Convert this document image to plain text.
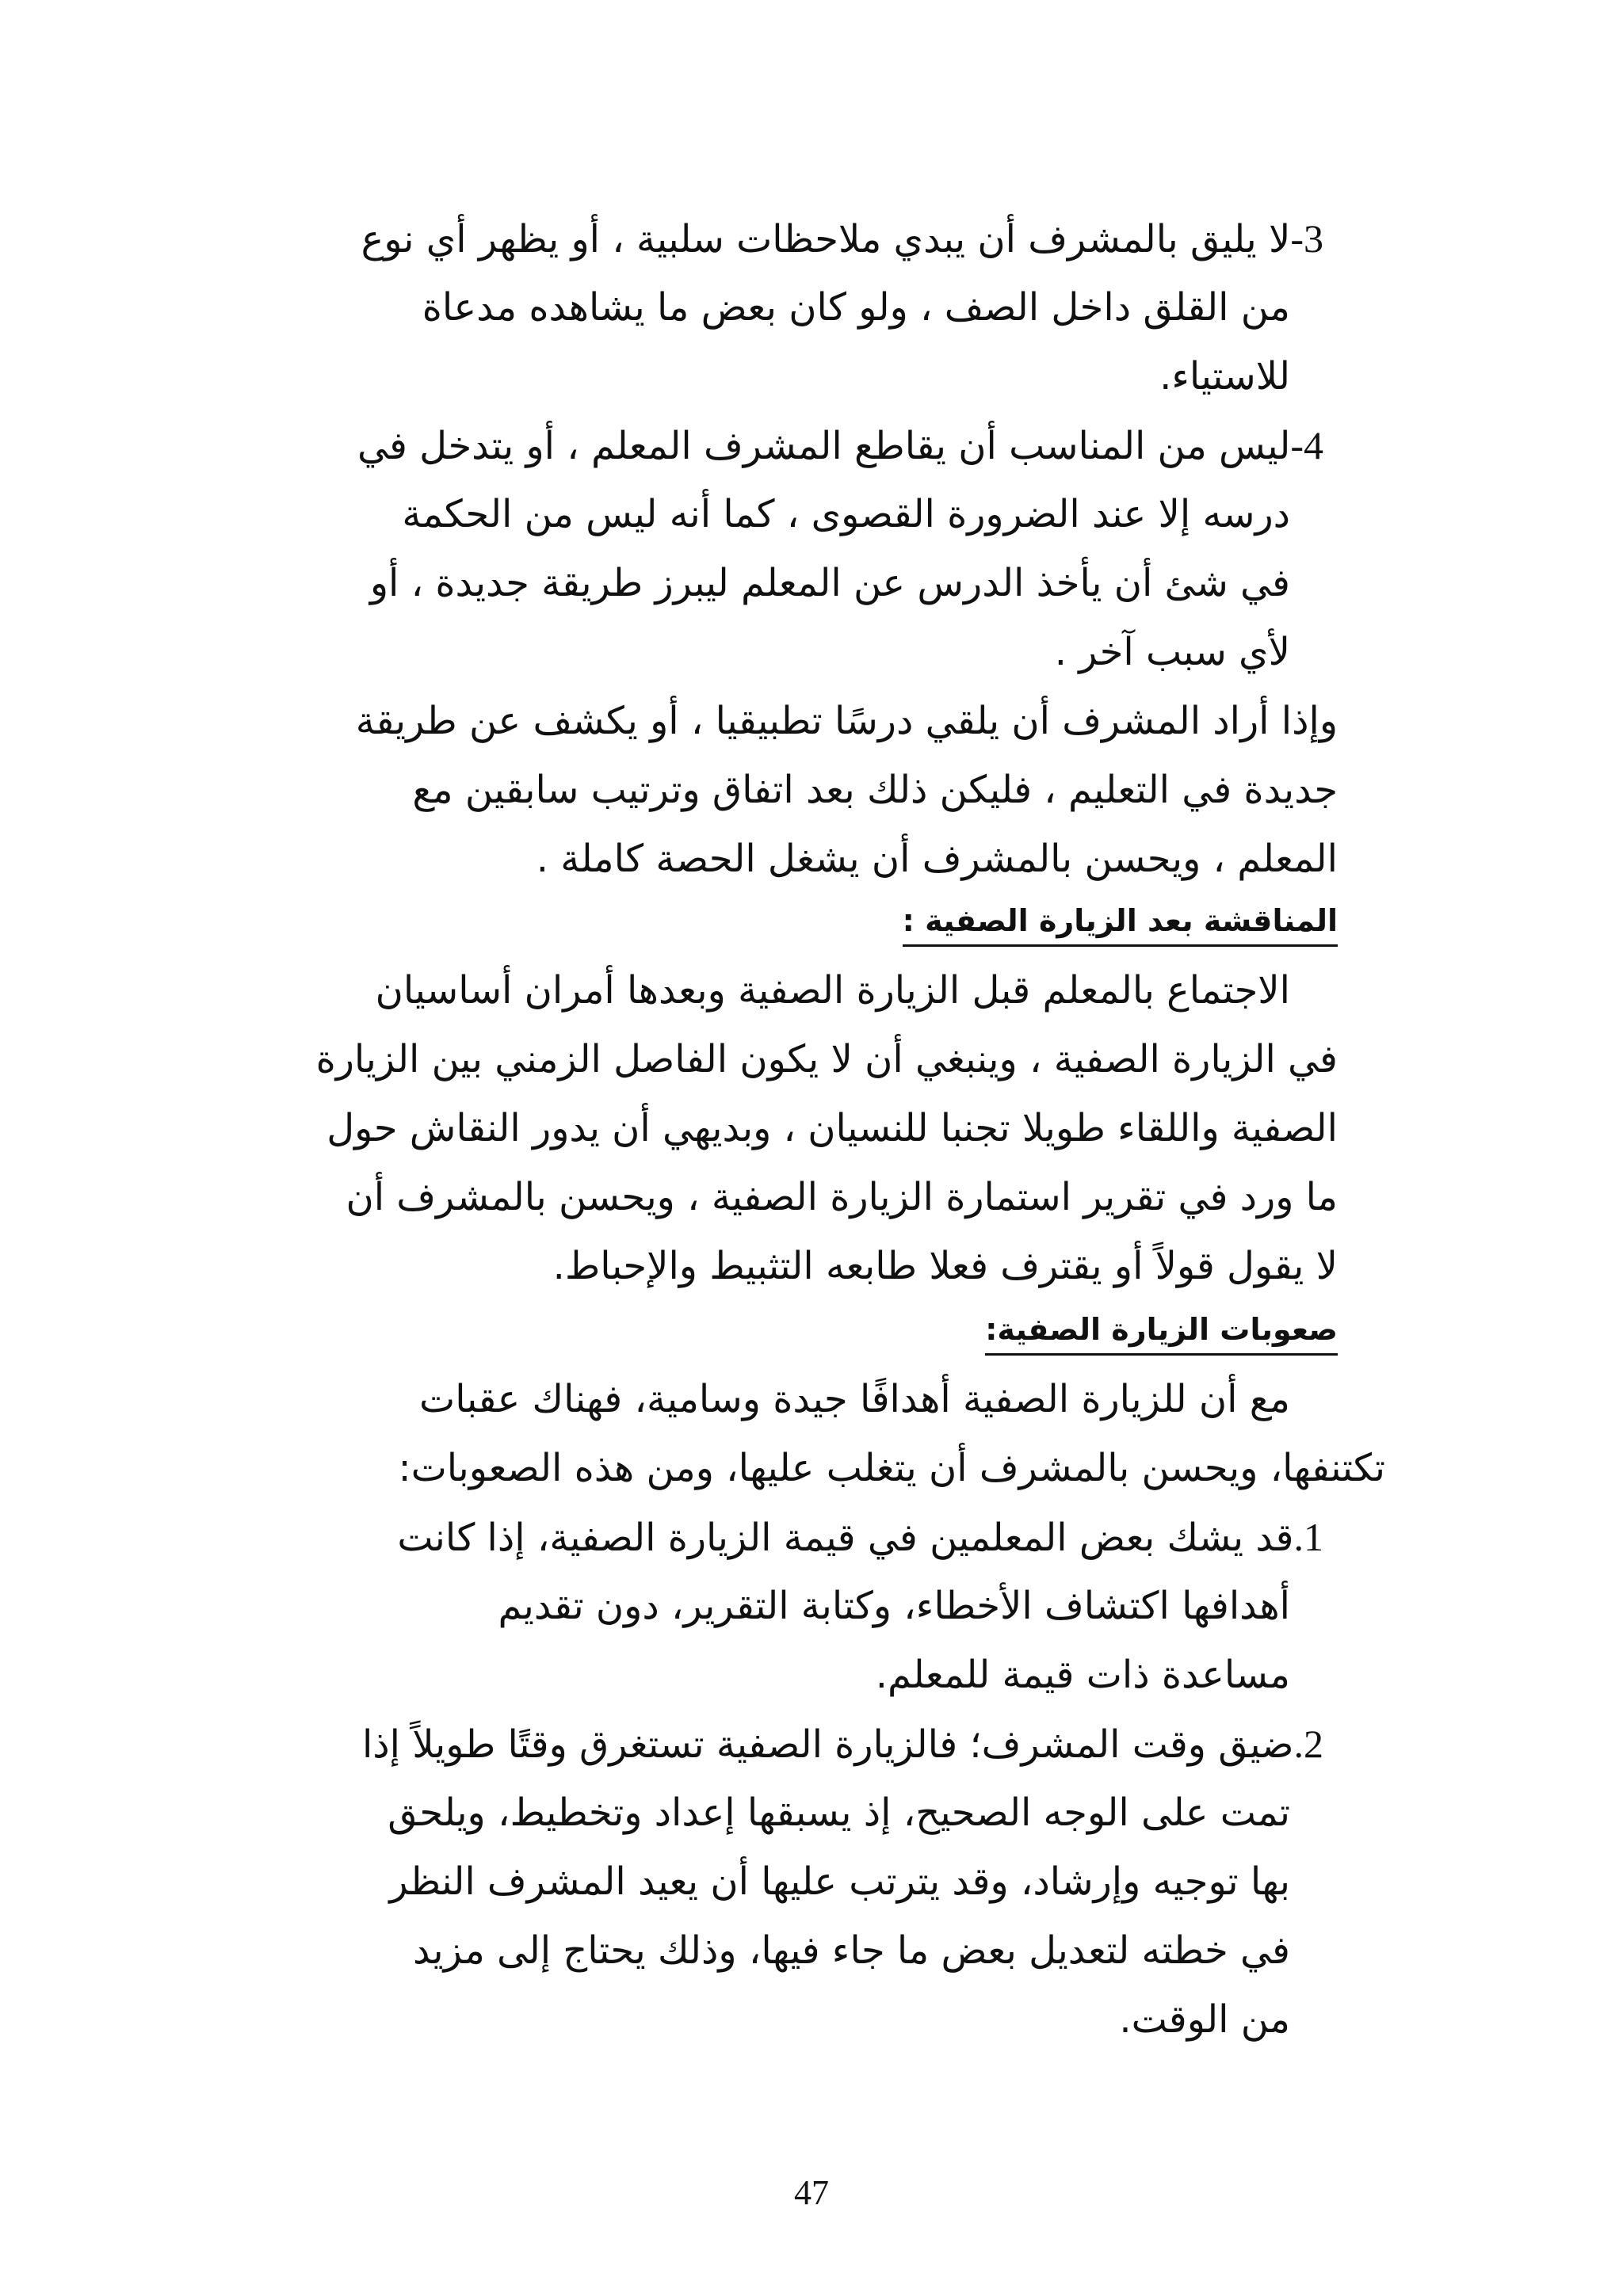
3-لا يليق بالمشرف أن يبدي ملاحظات سلبية ، أو يظهر أي نوع
من القلق داخل الصف ، ولو كان بعض ما يشاهده مدعاة
للاستياء.
4-ليس من المناسب أن يقاطع المشرف المعلم ، أو يتدخل في
درسه إلا عند الضرورة القصوى ، كما أنه ليس من الحكمة
في شئ أن يأخذ الدرس عن المعلم ليبرز طريقة جديدة ، أو
لأي سبب آخر .
وإذا أراد المشرف أن يلقي درسًا تطبيقيا ، أو يكشف عن طريقة
جديدة في التعليم ، فليكن ذلك بعد اتفاق وترتيب سابقين مع
المعلم ، ويحسن بالمشرف أن يشغل الحصة كاملة .
المناقشة بعد الزيارة الصفية :
الاجتماع بالمعلم قبل الزيارة الصفية وبعدها أمران أساسيان
في الزيارة الصفية ، وينبغي أن لا يكون الفاصل الزمني بين الزيارة
الصفية واللقاء طويلا تجنبا للنسيان ، وبديهي أن يدور النقاش حول
ما ورد في تقرير استمارة الزيارة الصفية ، ويحسن بالمشرف أن
لا يقول قولاً أو يقترف فعلا طابعه التثبيط والإحباط.
صعوبات الزيارة الصفية:
مع أن للزيارة الصفية أهدافًا جيدة وسامية، فهناك عقبات
تكتنفها، ويحسن بالمشرف أن يتغلب عليها، ومن هذه الصعوبات:
1.قد يشك بعض المعلمين في قيمة الزيارة الصفية، إذا كانت
أهدافها اكتشاف الأخطاء، وكتابة التقرير، دون تقديم
مساعدة ذات قيمة للمعلم.
2.ضيق وقت المشرف؛ فالزيارة الصفية تستغرق وقتًا طويلاً إذا
تمت على الوجه الصحيح، إذ يسبقها إعداد وتخطيط، ويلحق
بها توجيه وإرشاد، وقد يترتب عليها أن يعيد المشرف النظر
في خطته لتعديل بعض ما جاء فيها، وذلك يحتاج إلى مزيد
من الوقت.
47
